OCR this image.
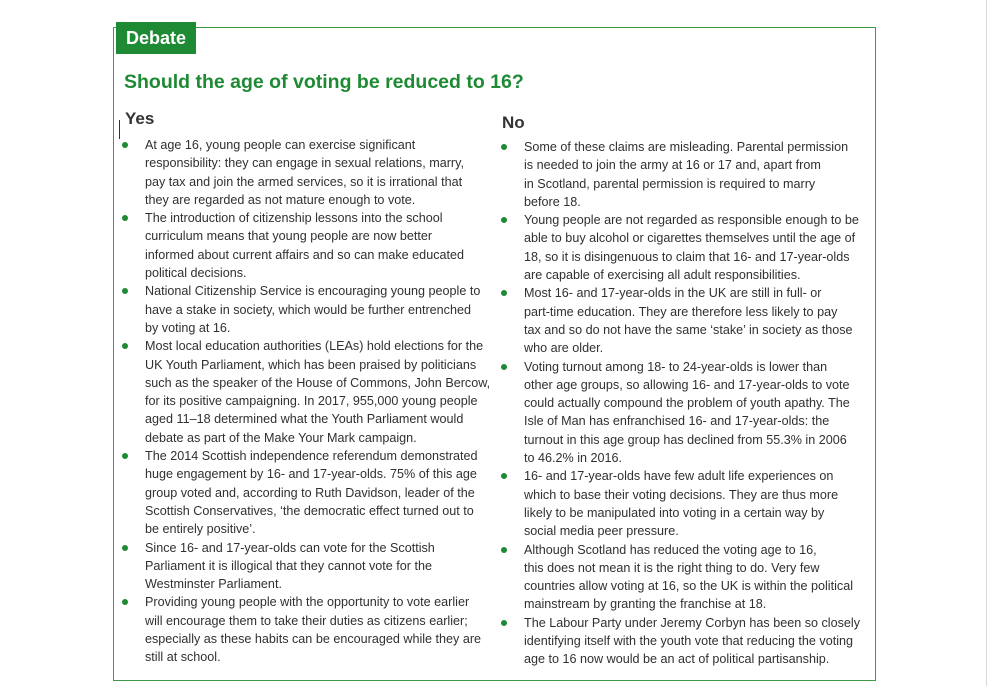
Debate
Should the age of voting be reduced to 16?
Yes
At age 16, young people can exercise significant
responsibility: they can engage in sexual relations, marry,
pay tax and join the armed services, so it is irrational that
they are regarded as not mature enough to vote.
The introduction of citizenship lessons into the school
curriculum means that young people are now better
informed about current affairs and so can make educated
political decisions.
National Citizenship Service is encouraging young people to
have a stake in society, which would be further entrenched
by voting at 16.
Most local education authorities (LEAs) hold elections for the
UK Youth Parliament, which has been praised by politicians
such as the speaker of the House of Commons, John Bercow,
for its positive campaigning. In 2017, 955,000 young people
aged 11–18 determined what the Youth Parliament would
debate as part of the Make Your Mark campaign.
The 2014 Scottish independence referendum demonstrated
huge engagement by 16- and 17-year-olds. 75% of this age
group voted and, according to Ruth Davidson, leader of the
Scottish Conservatives, ‘the democratic effect turned out to
be entirely positive’.
Since 16- and 17-year-olds can vote for the Scottish
Parliament it is illogical that they cannot vote for the
Westminster Parliament.
Providing young people with the opportunity to vote earlier
will encourage them to take their duties as citizens earlier;
especially as these habits can be encouraged while they are
still at school.
No
Some of these claims are misleading. Parental permission
is needed to join the army at 16 or 17 and, apart from
in Scotland, parental permission is required to marry
before 18.
Young people are not regarded as responsible enough to be
able to buy alcohol or cigarettes themselves until the age of
18, so it is disingenuous to claim that 16- and 17-year-olds
are capable of exercising all adult responsibilities.
Most 16- and 17-year-olds in the UK are still in full- or
part-time education. They are therefore less likely to pay
tax and so do not have the same ‘stake’ in society as those
who are older.
Voting turnout among 18- to 24-year-olds is lower than
other age groups, so allowing 16- and 17-year-olds to vote
could actually compound the problem of youth apathy. The
Isle of Man has enfranchised 16- and 17-year-olds: the
turnout in this age group has declined from 55.3% in 2006
to 46.2% in 2016.
16- and 17-year-olds have few adult life experiences on
which to base their voting decisions. They are thus more
likely to be manipulated into voting in a certain way by
social media peer pressure.
Although Scotland has reduced the voting age to 16,
this does not mean it is the right thing to do. Very few
countries allow voting at 16, so the UK is within the political
mainstream by granting the franchise at 18.
The Labour Party under Jeremy Corbyn has been so closely
identifying itself with the youth vote that reducing the voting
age to 16 now would be an act of political partisanship.
